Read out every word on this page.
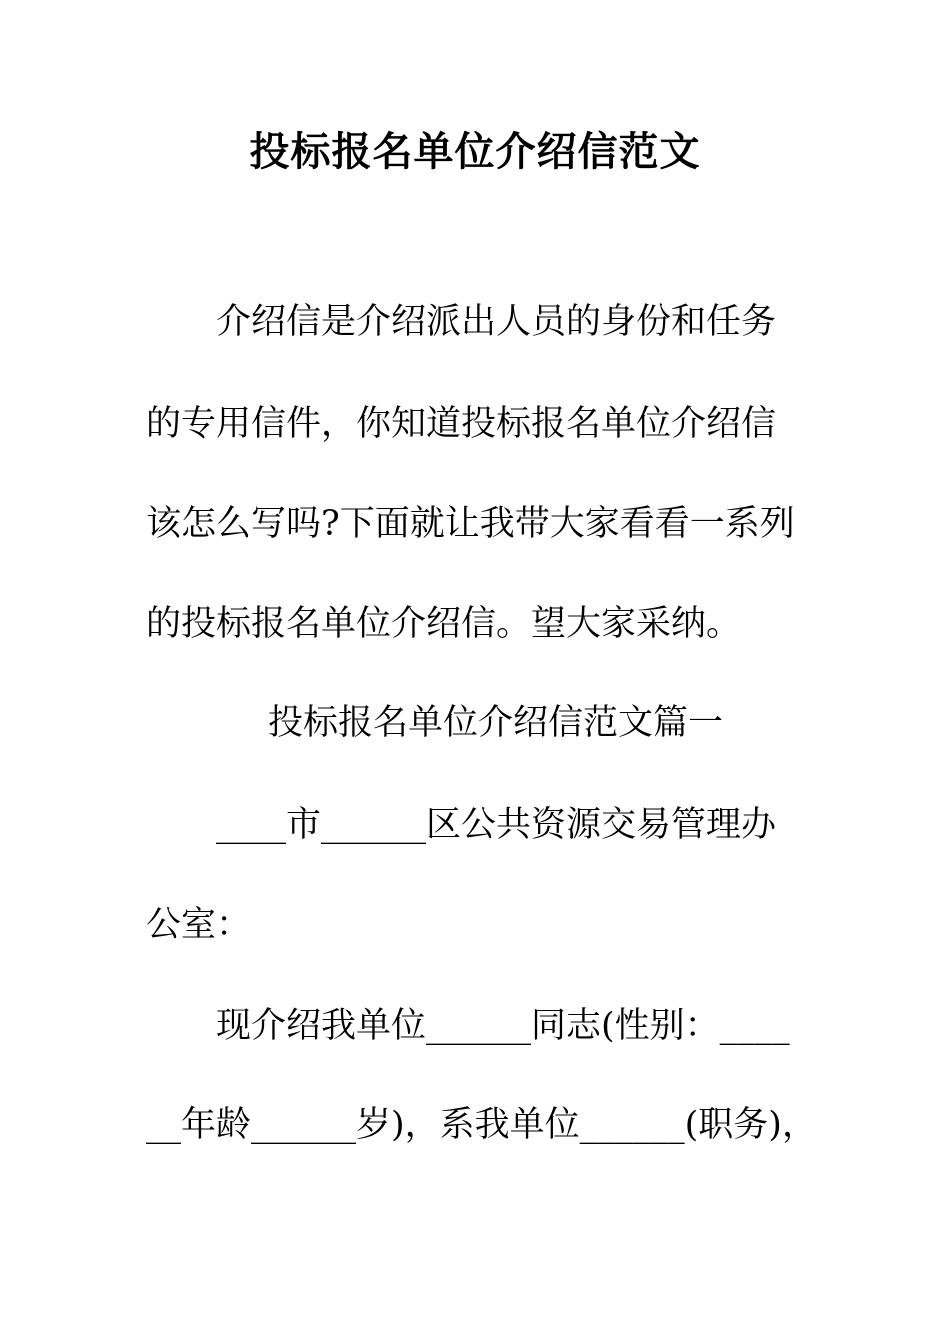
投标报名单位介绍信范文
介绍信是介绍派出人员的身份和任务
的专用信件，你知道投标报名单位介绍信
该怎么写吗?下面就让我带大家看看一系列
的投标报名单位介绍信。望大家采纳。
投标报名单位介绍信范文篇一
____市______区公共资源交易管理办
公室：
现介绍我单位______同志(性别：____
__年龄______岁)，系我单位______(职务)，
